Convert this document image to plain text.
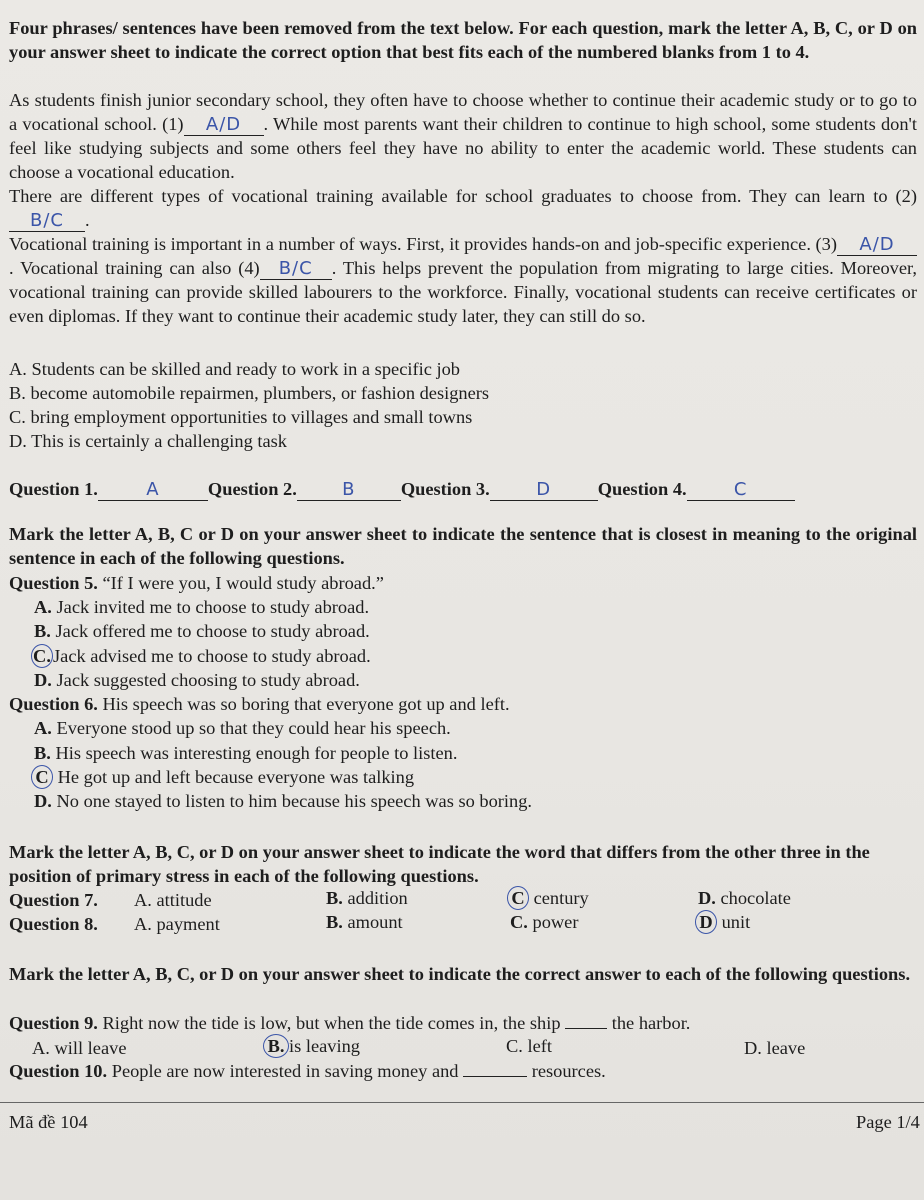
Four phrases/ sentences have been removed from the text below. For each question, mark the letter A, B, C, or D on your answer sheet to indicate the correct option that best fits each of the numbered blanks from 1 to 4.
As students finish junior secondary school, they often have to choose whether to continue their academic study or to go to a vocational school. (1) A/D . While most parents want their children to continue to high school, some students don't feel like studying subjects and some others feel they have no ability to enter the academic world. These students can choose a vocational education.
There are different types of vocational training available for school graduates to choose from. They can learn to (2)B/C .
Vocational training is important in a number of ways. First, it provides hands-on and job-specific experience. (3) A/D. Vocational training can also (4) B/C . This helps prevent the population from migrating to large cities. Moreover, vocational training can provide skilled labourers to the workforce. Finally, vocational students can receive certificates or even diplomas. If they want to continue their academic study later, they can still do so.
A. Students can be skilled and ready to work in a specific job
B. become automobile repairmen, plumbers, or fashion designers
C. bring employment opportunities to villages and small towns
D. This is certainly a challenging task
Question 1.	A	Question 2.	B Question 3.	D	Question 4.	C
Mark the letter A, B, C or D on your answer sheet to indicate the sentence that is closest in meaning to the original sentence in each of the following questions.
Question 5. “If I were you, I would study abroad.”
A. Jack invited me to choose to study abroad.
B. Jack offered me to choose to study abroad.
C. Jack advised me to choose to study abroad.
D. Jack suggested choosing to study abroad.
Question 6. His speech was so boring that everyone got up and left.
A. Everyone stood up so that they could hear his speech.
B. His speech was interesting enough for people to listen.
C He got up and left because everyone was talking
D. No one stayed to listen to him because his speech was so boring.
Mark the letter A, B, C, or D on your answer sheet to indicate the word that differs from the other three in the position of primary stress in each of the following questions.
Question 7. A. attitude	B. addition	C century	D. chocolate
Question 8. A. payment	B. amount	C. power	D unit
Mark the letter A, B, C, or D on your answer sheet to indicate the correct answer to each of the following questions.
Question 9. Right now the tide is low, but when the tide comes in, the ship	the harbor.
A. will leave	B. is leaving	C. left	D. leave
Question 10. People are now interested in saving money and	resources.
Mã đề 104	Page 1/4
